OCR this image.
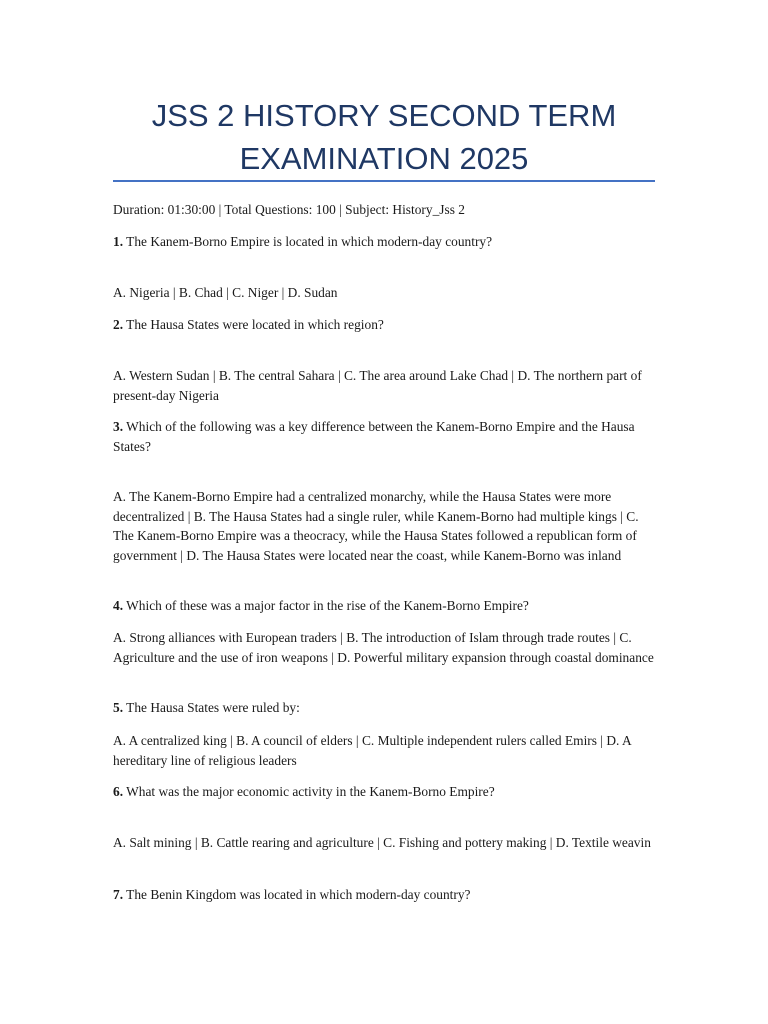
JSS 2 HISTORY SECOND TERM
EXAMINATION 2025
Duration: 01:30:00 | Total Questions: 100 | Subject: History_Jss 2
1. The Kanem-Borno Empire is located in which modern-day country?
A. Nigeria | B. Chad | C. Niger | D. Sudan
2. The Hausa States were located in which region?
A. Western Sudan | B. The central Sahara | C. The area around Lake Chad | D. The northern part of present-day Nigeria
3. Which of the following was a key difference between the Kanem-Borno Empire and the Hausa States?
A. The Kanem-Borno Empire had a centralized monarchy, while the Hausa States were more decentralized | B. The Hausa States had a single ruler, while Kanem-Borno had multiple kings | C. The Kanem-Borno Empire was a theocracy, while the Hausa States followed a republican form of government | D. The Hausa States were located near the coast, while Kanem-Borno was inland
4. Which of these was a major factor in the rise of the Kanem-Borno Empire?
A. Strong alliances with European traders | B. The introduction of Islam through trade routes | C. Agriculture and the use of iron weapons | D. Powerful military expansion through coastal dominance
5. The Hausa States were ruled by:
A. A centralized king | B. A council of elders | C. Multiple independent rulers called Emirs | D. A hereditary line of religious leaders
6. What was the major economic activity in the Kanem-Borno Empire?
A. Salt mining | B. Cattle rearing and agriculture | C. Fishing and pottery making | D. Textile weavin
7. The Benin Kingdom was located in which modern-day country?
